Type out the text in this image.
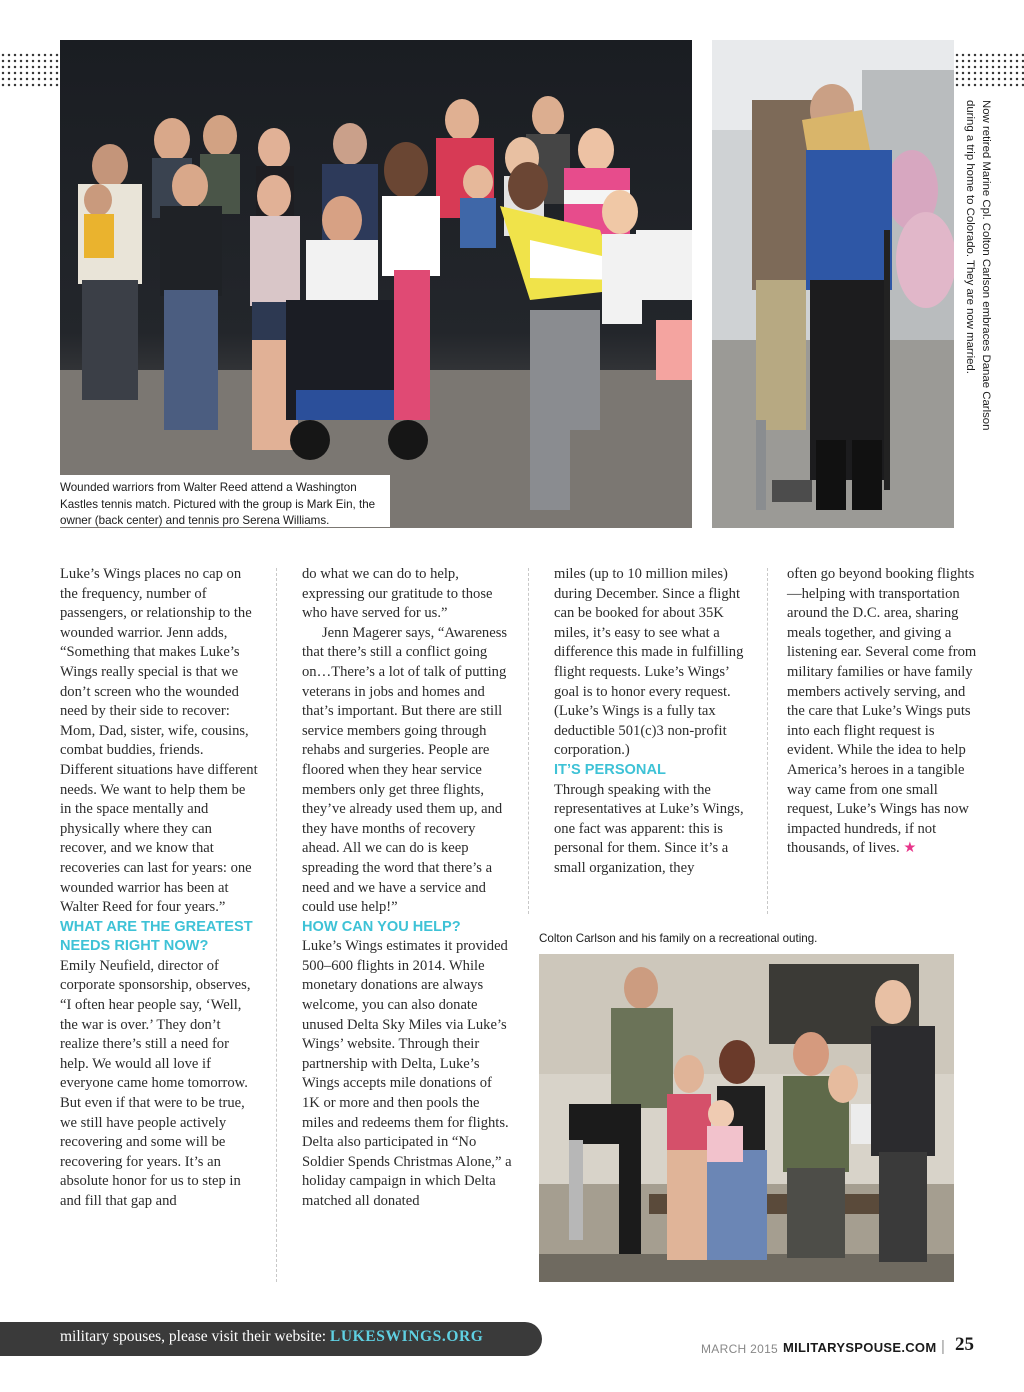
Wounded warriors from Walter Reed attend a Washington Kastles tennis match. Pictured with the group is Mark Ein, the owner (back center) and tennis pro Serena Williams.
Now retired Marine Cpl. Colton Carlson embraces Danae Carlson during a trip home to Colorado. They are now married.

Luke’s Wings places no cap on the frequency, number of passengers, or relationship to the wounded warrior. Jenn adds, “Something that makes Luke’s Wings really special is that we don’t screen who the wounded need by their side to recover: Mom, Dad, sister, wife, cousins, combat buddies, friends. Different situations have different needs. We want to help them be in the space mentally and physically where they can recover, and we know that recoveries can last for years: one wounded warrior has been at Walter Reed for four years.”

WHAT ARE THE GREATEST NEEDS RIGHT NOW?

Emily Neufield, director of corporate sponsorship, observes, “I often hear people say, ‘Well, the war is over.’ They don’t realize there’s still a need for help. We would all love if everyone came home tomorrow. But even if that were to be true, we still have people actively recovering and some will be recovering for years. It’s an absolute honor for us to step in and fill that gap and

do what we can do to help, expressing our gratitude to those who have served for us.”

Jenn Magerer says, “Awareness that there’s still a conflict going on…There’s a lot of talk of putting veterans in jobs and homes and that’s important. But there are still service members going through rehabs and surgeries. People are floored when they hear service members only get three flights, they’ve already used them up, and they have months of recovery ahead. All we can do is keep spreading the word that there’s a need and we have a service and could use help!”

HOW CAN YOU HELP?

Luke’s Wings estimates it provided 500–600 flights in 2014. While monetary donations are always welcome, you can also donate unused Delta Sky Miles via Luke’s Wings’ website. Through their partnership with Delta, Luke’s Wings accepts mile donations of 1K or more and then pools the miles and redeems them for flights. Delta also participated in “No Soldier Spends Christmas Alone,” a holiday campaign in which Delta matched all donated

miles (up to 10 million miles) during December. Since a flight can be booked for about 35K miles, it’s easy to see what a difference this made in fulfilling flight requests. Luke’s Wings’ goal is to honor every request. (Luke’s Wings is a fully tax deductible 501(c)3 non-profit corporation.)

IT’S PERSONAL

Through speaking with the representatives at Luke’s Wings, one fact was apparent: this is personal for them. Since it’s a small organization, they

often go beyond booking flights—helping with transportation around the D.C. area, sharing meals together, and giving a listening ear. Several come from military families or have family members actively serving, and the care that Luke’s Wings puts into each flight request is evident. While the idea to help America’s heroes in a tangible way came from one small request, Luke’s Wings has now impacted hundreds, if not thousands, of lives. ★

Colton Carlson and his family on a recreational outing.
military spouses, please visit their website: LUKESWINGS.ORG
MARCH 2015 MILITARYSPOUSE.COM | 25
